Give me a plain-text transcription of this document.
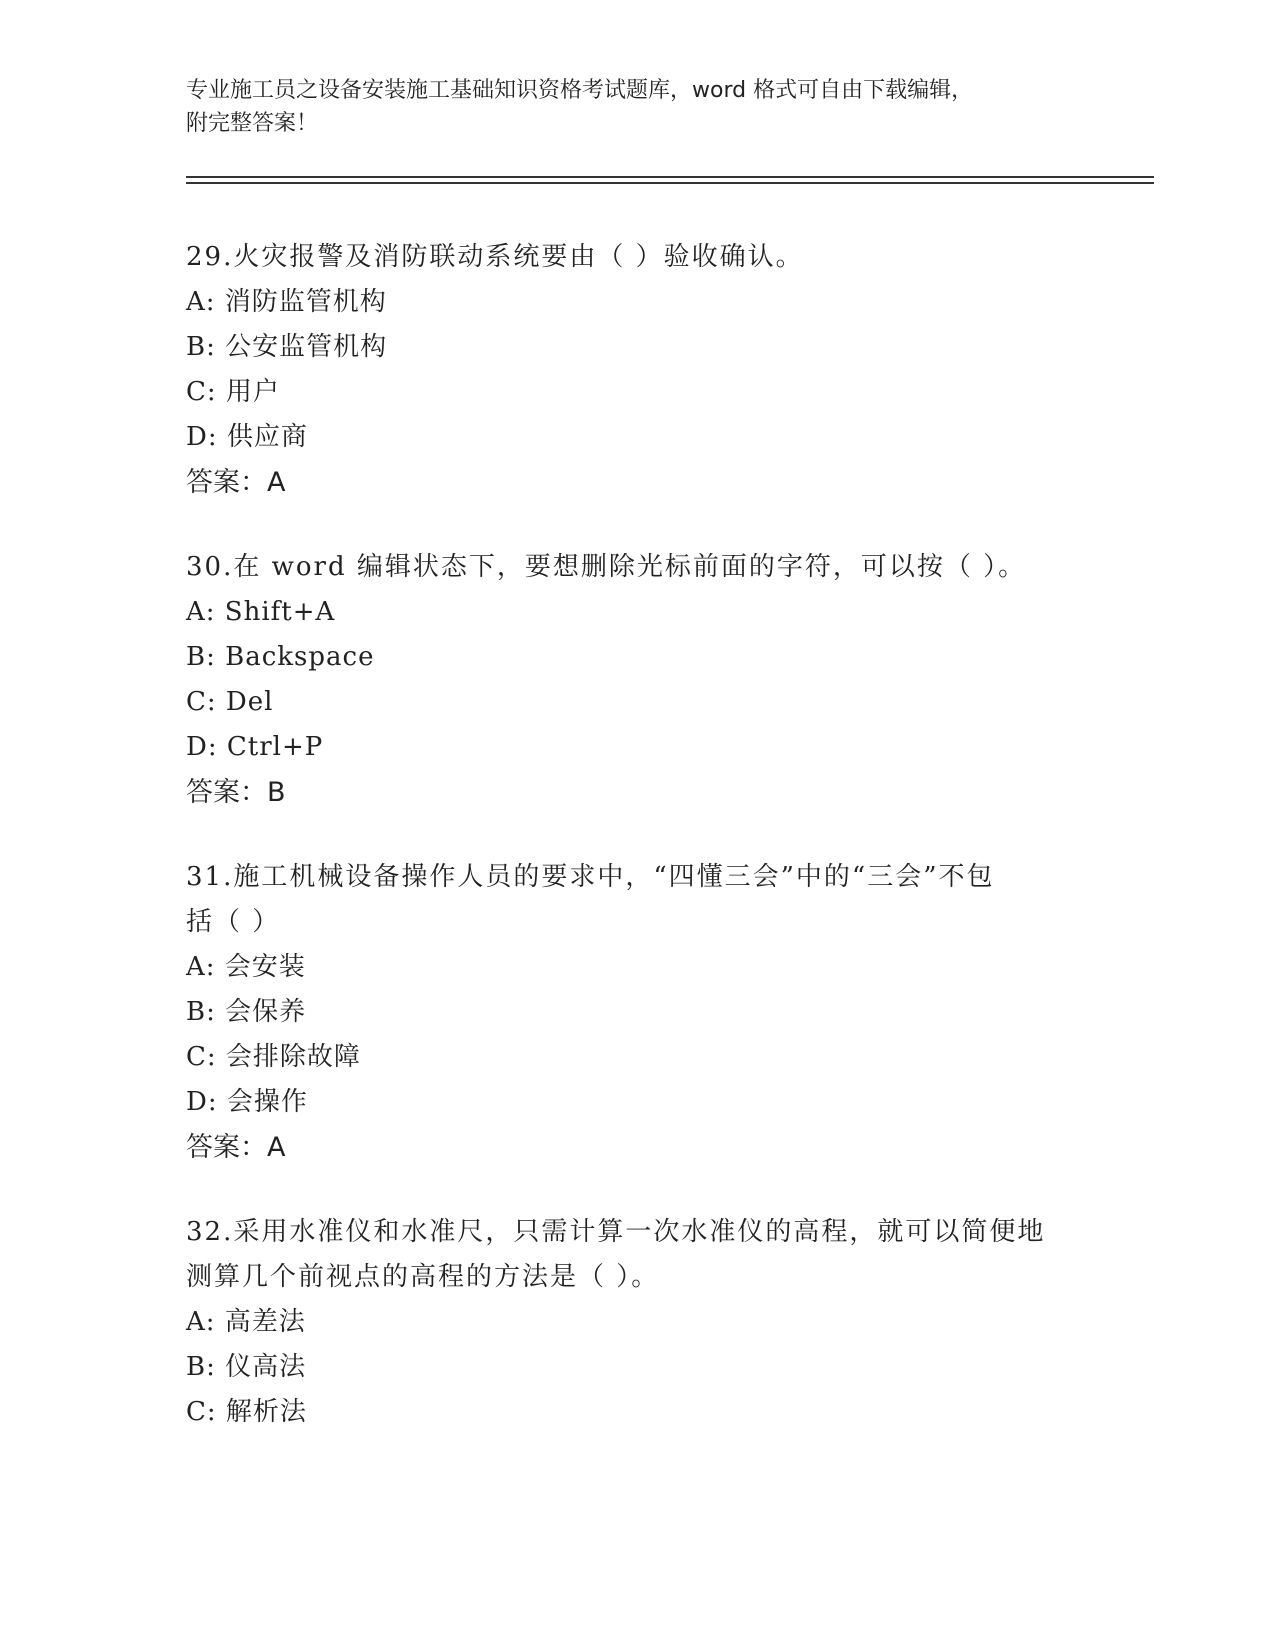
专业施工员之设备安装施工基础知识资格考试题库，word 格式可自由下载编辑，
附完整答案！
29.火灾报警及消防联动系统要由（ ）验收确认。
A: 消防监管机构
B: 公安监管机构
C: 用户
D: 供应商
答案：A
30.在 word 编辑状态下，要想删除光标前面的字符，可以按（ ）。
A: Shift+A
B: Backspace
C: Del
D: Ctrl+P
答案：B
31.施工机械设备操作人员的要求中，“四懂三会”中的“三会”不包
括（ ）
A: 会安装
B: 会保养
C: 会排除故障
D: 会操作
答案：A
32.采用水准仪和水准尺，只需计算一次水准仪的高程，就可以简便地
测算几个前视点的高程的方法是（ ）。
A: 高差法
B: 仪高法
C: 解析法
